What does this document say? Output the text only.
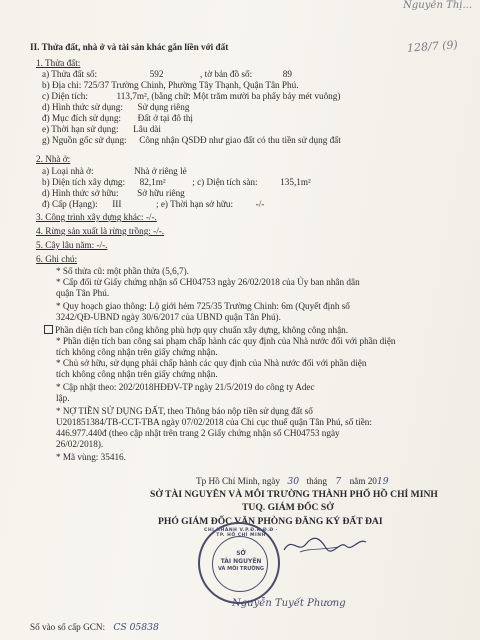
Nguyễn Thị...
128/7 (9)
II. Thửa đất, nhà ở và tài sản khác gắn liền với đất
1. Thửa đất:
a) Thửa đất số:	592	, tờ bản đồ số:	89
b) Địa chỉ: 725/37 Trường Chinh, Phường Tây Thạnh, Quận Tân Phú.
c) Diện tích:	113,7m², (bằng chữ: Một trăm mười ba phẩy bảy mét vuông)
d) Hình thức sử dụng: Sử dụng riêng
đ) Mục đích sử dụng: Đất ở tại đô thị
e) Thời hạn sử dụng: Lâu dài
g) Nguồn gốc sử dụng: Công nhận QSDĐ như giao đất có thu tiền sử dụng đất
2. Nhà ở:
a) Loại nhà ở:	Nhà ở riêng lẻ
b) Diện tích xây dựng: 82,1m²	; c) Diện tích sàn: 135,1m²
d) Hình thức sở hữu: Sở hữu riêng
đ) Cấp (Hạng): III	; e) Thời hạn sở hữu: -/-
3. Công trình xây dựng khác: -/-.
4. Rừng sản xuất là rừng trồng: -/-.
5. Cây lâu năm: -/-.
6. Ghi chú:
* Số thửa cũ: một phần thửa (5,6,7).
* Cấp đổi từ Giấy chứng nhận số CH04753 ngày 26/02/2018 của Ủy ban nhân dân
quận Tân Phú.
* Quy hoạch giao thông: Lộ giới hẻm 725/35 Trường Chinh: 6m (Quyết định số
3242/QĐ-UBND ngày 30/6/2017 của UBND quận Tân Phú).
Phần diện tích ban công không phù hợp quy chuẩn xây dựng, không công nhận.
* Phần diện tích ban công sai phạm chấp hành các quy định của Nhà nước đối với phần diện
tích không công nhận trên giấy chứng nhận.
* Chủ sở hữu, sử dụng phải chấp hành các quy định của Nhà nước đối với phần diện
tích không công nhận trên giấy chứng nhận.
* Cập nhật theo: 202/2018HĐĐV-TP ngày 21/5/2019 do công ty Adec
lập.
* NỢ TIỀN SỬ DỤNG ĐẤT, theo Thông báo nộp tiền sử dụng đất số
U201851384/TB-CCT-TBA ngày 07/02/2018 của Chi cục thuế quận Tân Phú, số tiền:
446.977.440đ (theo cập nhật trên trang 2 Giấy chứng nhận số CH04753 ngày
26/02/2018).
* Mã vùng: 35416.
Tp Hồ Chí Minh, ngày 30 tháng 7 năm 2019
SỞ TÀI NGUYÊN VÀ MÔI TRƯỜNG THÀNH PHỐ HỒ CHÍ MINH
TUQ. GIÁM ĐỐC SỞ
PHÓ GIÁM ĐỐC VĂN PHÒNG ĐĂNG KÝ ĐẤT ĐAI
CHI NHÁNH V.P.Đ.K.Đ.Đ · TP. HỒ CHÍ MINH
SỞ
TÀI NGUYÊN
VÀ MÔI TRƯỜNG
Nguyễn Tuyết Phương
Số vào sổ cấp GCN: CS 05838
